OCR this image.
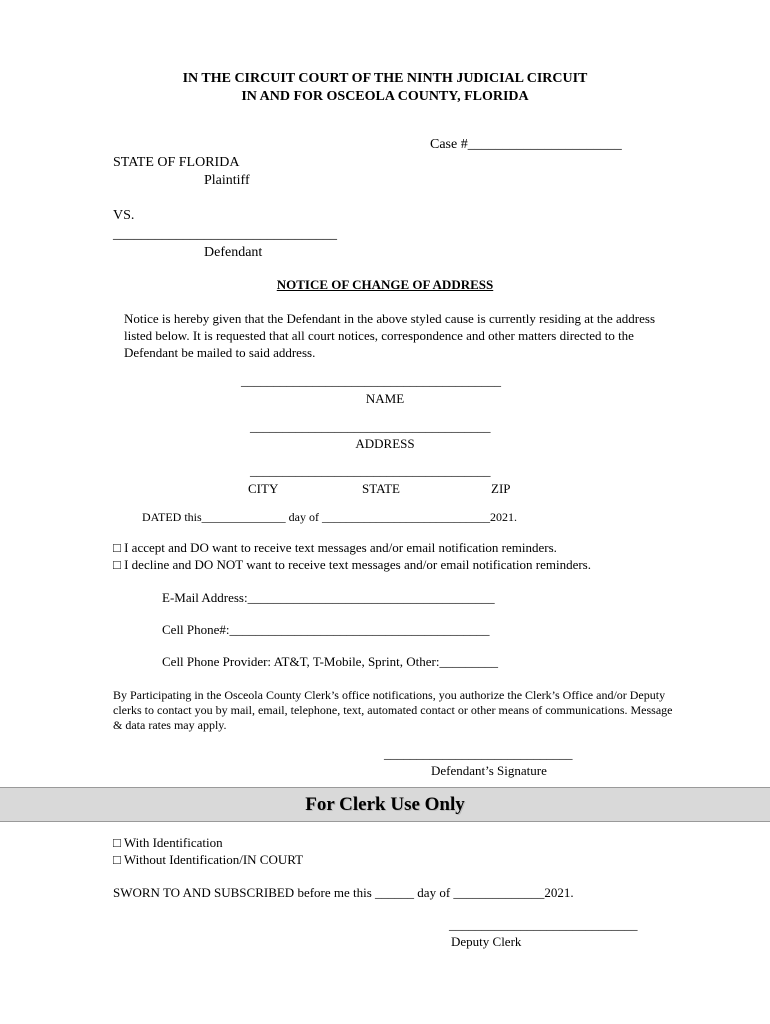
IN THE CIRCUIT COURT OF THE NINTH JUDICIAL CIRCUIT
IN AND FOR OSCEOLA COUNTY, FLORIDA
Case #______________________
STATE OF FLORIDA
Plaintiff
VS.
________________________________
Defendant
NOTICE OF CHANGE OF ADDRESS
Notice is hereby given that the Defendant in the above styled cause is currently residing at the address listed below. It is requested that all court notices, correspondence and other matters directed to the Defendant be mailed to said address.
________________________________________
NAME
_____________________________________
ADDRESS
_____________________________________
CITY	STATE	ZIP
DATED this______________ day of ____________________________2021.
□ I accept and DO want to receive text messages and/or email notification reminders.
□ I decline and DO NOT want to receive text messages and/or email notification reminders.
E-Mail Address:______________________________________
Cell Phone#:________________________________________
Cell Phone Provider: AT&T, T-Mobile, Sprint, Other:_________
By Participating in the Osceola County Clerk’s office notifications, you authorize the Clerk’s Office and/or Deputy clerks to contact you by mail, email, telephone, text, automated contact or other means of communications. Message & data rates may apply.
_____________________________
Defendant’s Signature
For Clerk Use Only
□ With Identification
□ Without Identification/IN COURT
SWORN TO AND SUBSCRIBED before me this ______ day of ______________2021.
_____________________________
Deputy Clerk
